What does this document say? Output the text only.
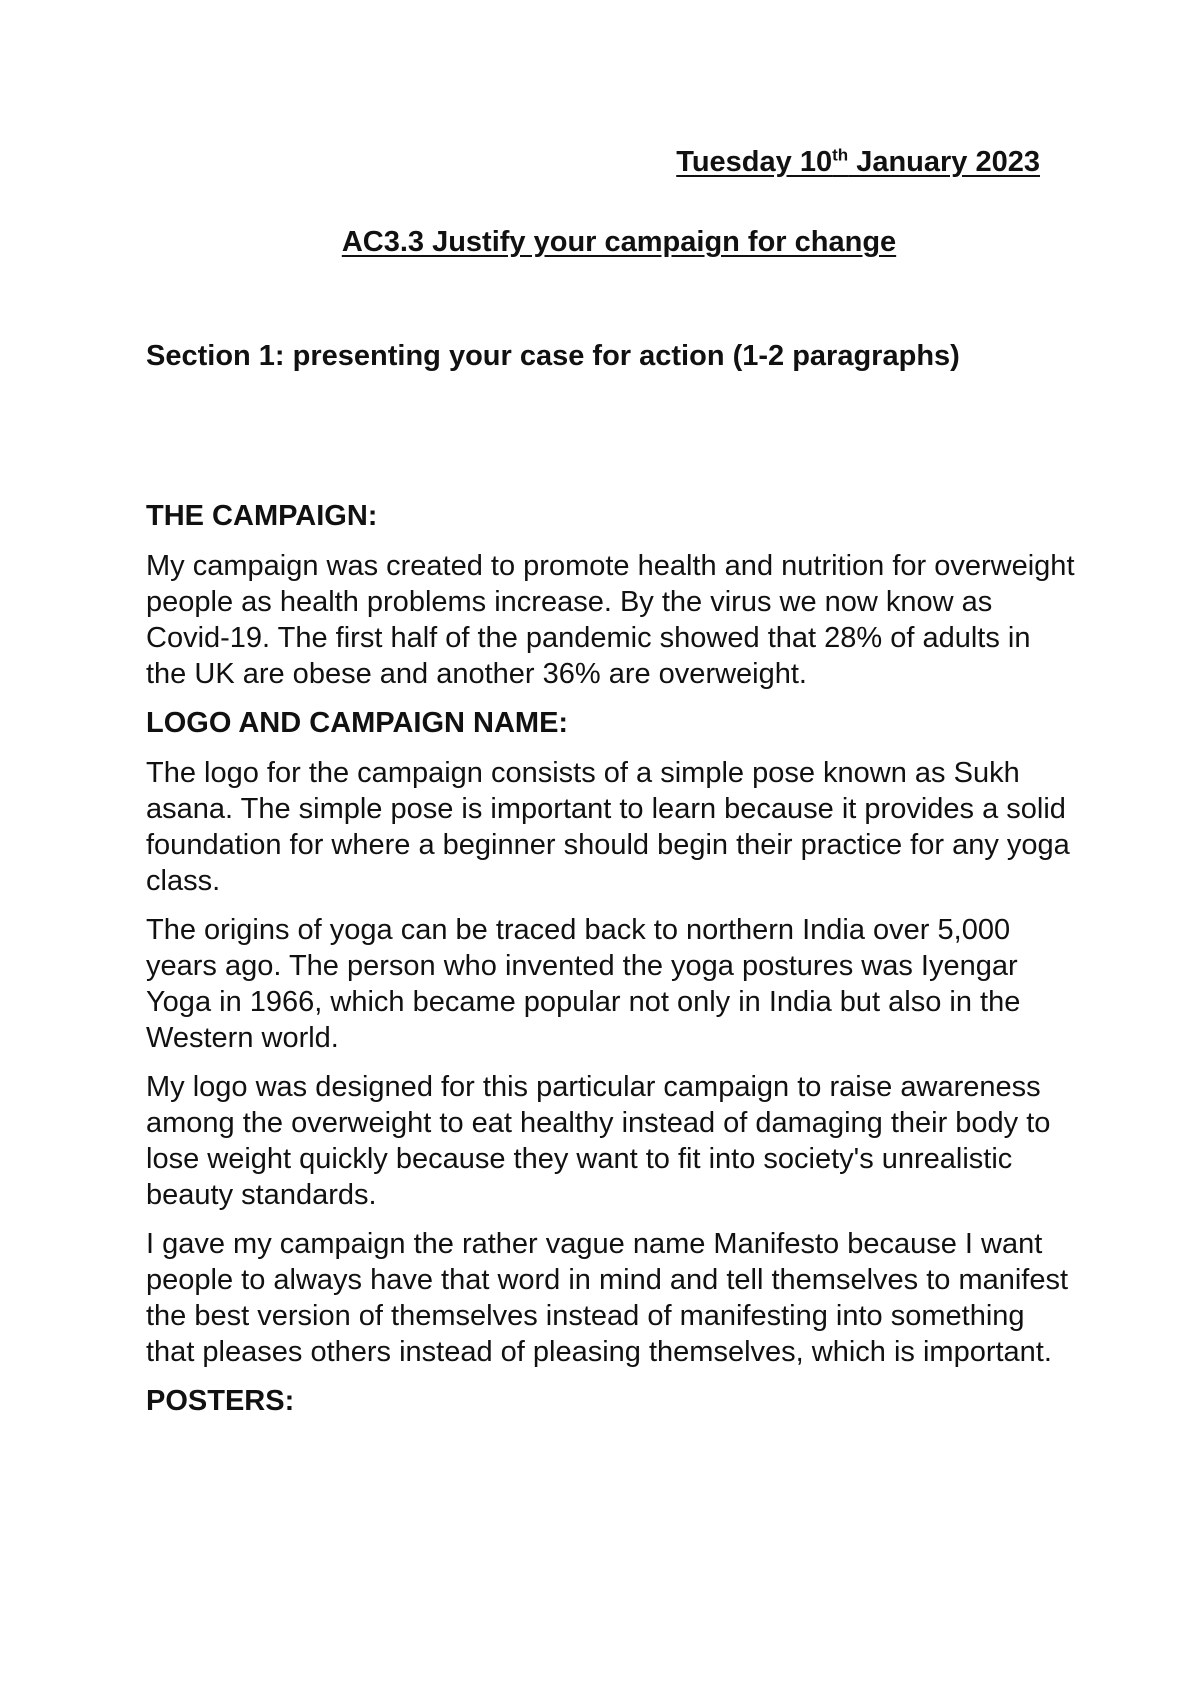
Tuesday 10th January 2023
AC3.3 Justify your campaign for change
Section 1: presenting your case for action (1-2 paragraphs)
THE CAMPAIGN:

My campaign was created to promote health and nutrition for overweight people as health problems increase. By the virus we now know as Covid-19. The first half of the pandemic showed that 28% of adults in the UK are obese and another 36% are overweight.

LOGO AND CAMPAIGN NAME:

The logo for the campaign consists of a simple pose known as Sukh asana. The simple pose is important to learn because it provides a solid foundation for where a beginner should begin their practice for any yoga class.

The origins of yoga can be traced back to northern India over 5,000 years ago. The person who invented the yoga postures was Iyengar Yoga in 1966, which became popular not only in India but also in the Western world.

My logo was designed for this particular campaign to raise awareness among the overweight to eat healthy instead of damaging their body to lose weight quickly because they want to fit into society's unrealistic beauty standards.

I gave my campaign the rather vague name Manifesto because I want people to always have that word in mind and tell themselves to manifest the best version of themselves instead of manifesting into something that pleases others instead of pleasing themselves, which is important.

POSTERS:
